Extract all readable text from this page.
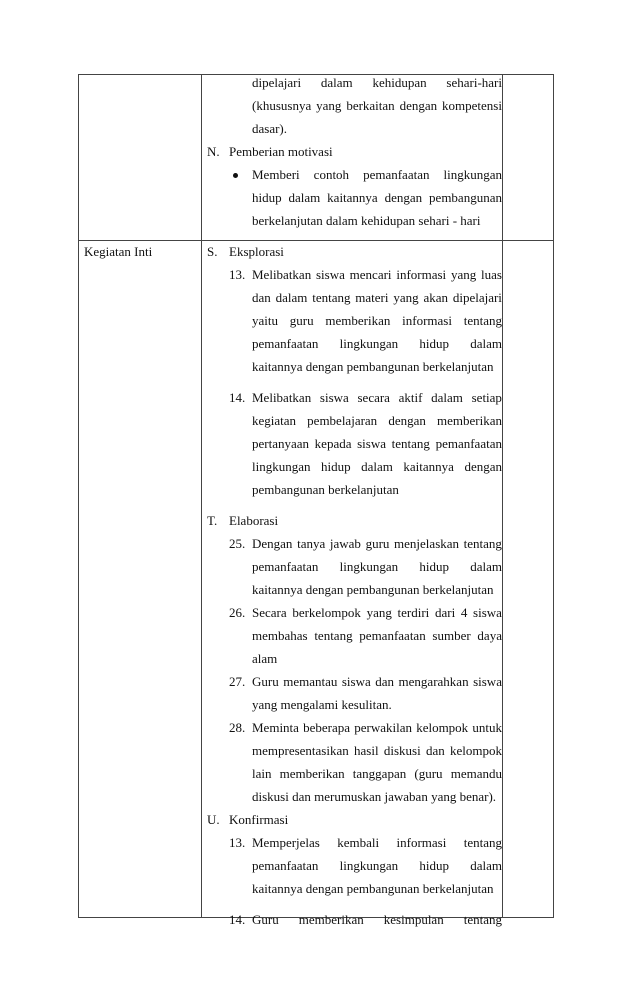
dipelajari dalam kehidupan sehari-hari
(khususnya yang berkaitan dengan kompetensi
dasar).
N. Pemberian motivasi
Memberi contoh pemanfaatan lingkungan
hidup dalam kaitannya dengan pembangunan
berkelanjutan dalam kehidupan sehari - hari
Kegiatan Inti	S. Eksplorasi
13. Melibatkan siswa mencari informasi yang luas
dan dalam tentang materi yang akan dipelajari
yaitu guru memberikan informasi tentang
pemanfaatan lingkungan hidup dalam
kaitannya dengan pembangunan berkelanjutan
14. Melibatkan siswa secara aktif dalam setiap
kegiatan pembelajaran dengan memberikan
pertanyaan kepada siswa tentang pemanfaatan
lingkungan hidup dalam kaitannya dengan
pembangunan berkelanjutan
T. Elaborasi
25. Dengan tanya jawab guru menjelaskan tentang
pemanfaatan lingkungan hidup dalam
kaitannya dengan pembangunan berkelanjutan
26. Secara berkelompok yang terdiri dari 4 siswa
membahas tentang pemanfaatan sumber daya
alam
27. Guru memantau siswa dan mengarahkan siswa
yang mengalami kesulitan.
28. Meminta beberapa perwakilan kelompok untuk
mempresentasikan hasil diskusi dan kelompok
lain memberikan tanggapan (guru memandu
diskusi dan merumuskan jawaban yang benar).
U. Konfirmasi
13. Memperjelas kembali informasi tentang
pemanfaatan lingkungan hidup dalam
kaitannya dengan pembangunan berkelanjutan
14. Guru memberikan kesimpulan tentang
